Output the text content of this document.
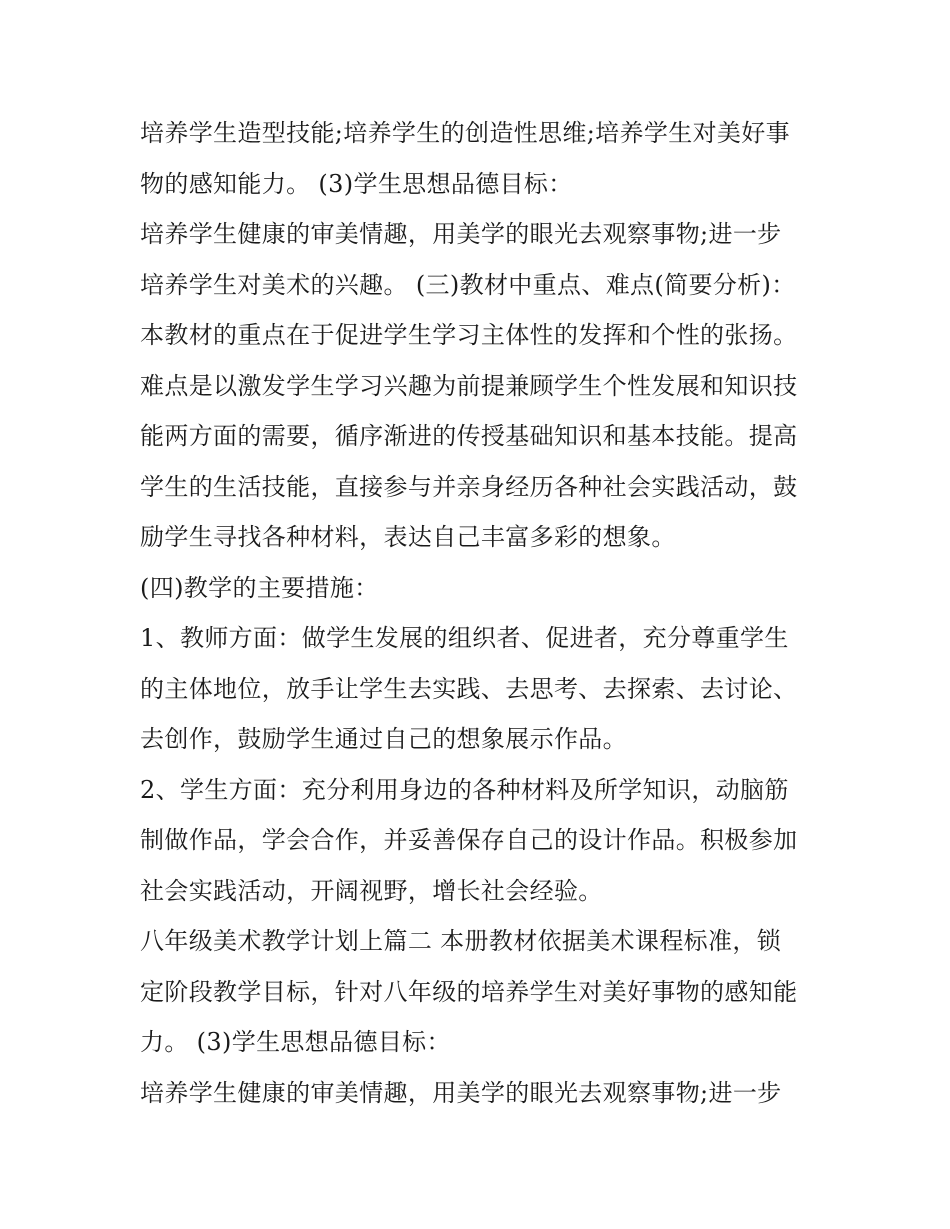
培养学生造型技能;培养学生的创造性思维;培养学生对美好事
物的感知能力。 (3)学生思想品德目标：
培养学生健康的审美情趣，用美学的眼光去观察事物;进一步
培养学生对美术的兴趣。 (三)教材中重点、难点(简要分析)：
本教材的重点在于促进学生学习主体性的发挥和个性的张扬。
难点是以激发学生学习兴趣为前提兼顾学生个性发展和知识技
能两方面的需要，循序渐进的传授基础知识和基本技能。提高
学生的生活技能，直接参与并亲身经历各种社会实践活动，鼓
励学生寻找各种材料，表达自己丰富多彩的想象。
(四)教学的主要措施：
1、教师方面：做学生发展的组织者、促进者，充分尊重学生
的主体地位，放手让学生去实践、去思考、去探索、去讨论、
去创作，鼓励学生通过自己的想象展示作品。
2、学生方面：充分利用身边的各种材料及所学知识，动脑筋
制做作品，学会合作，并妥善保存自己的设计作品。积极参加
社会实践活动，开阔视野，增长社会经验。
八年级美术教学计划上篇二 本册教材依据美术课程标准，锁
定阶段教学目标，针对八年级的培养学生对美好事物的感知能
力。 (3)学生思想品德目标：
培养学生健康的审美情趣，用美学的眼光去观察事物;进一步
